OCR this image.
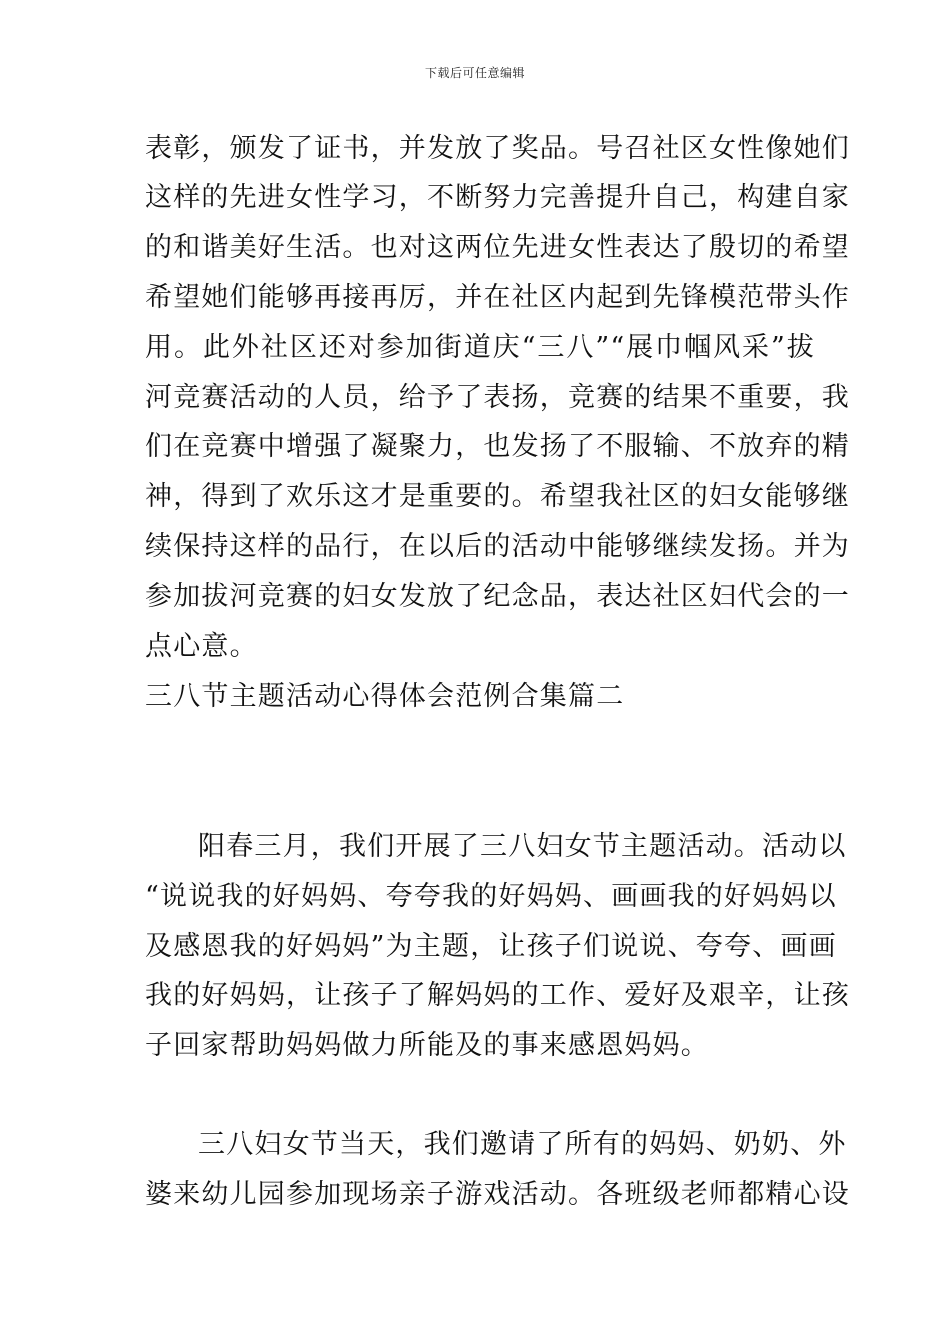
下载后可任意编辑
表彰，颁发了证书，并发放了奖品。号召社区女性像她们
这样的先进女性学习，不断努力完善提升自己，构建自家
的和谐美好生活。也对这两位先进女性表达了殷切的希望
希望她们能够再接再厉，并在社区内起到先锋模范带头作
用。此外社区还对参加街道庆“三八”“展巾帼风采”拔
河竞赛活动的人员，给予了表扬，竞赛的结果不重要，我
们在竞赛中增强了凝聚力，也发扬了不服输、不放弃的精
神，得到了欢乐这才是重要的。希望我社区的妇女能够继
续保持这样的品行，在以后的活动中能够继续发扬。并为
参加拔河竞赛的妇女发放了纪念品，表达社区妇代会的一
点心意。
三八节主题活动心得体会范例合集篇二
阳春三月，我们开展了三八妇女节主题活动。活动以
“说说我的好妈妈、夸夸我的好妈妈、画画我的好妈妈以
及感恩我的好妈妈”为主题，让孩子们说说、夸夸、画画
我的好妈妈，让孩子了解妈妈的工作、爱好及艰辛，让孩
子回家帮助妈妈做力所能及的事来感恩妈妈。
三八妇女节当天，我们邀请了所有的妈妈、奶奶、外
婆来幼儿园参加现场亲子游戏活动。各班级老师都精心设
